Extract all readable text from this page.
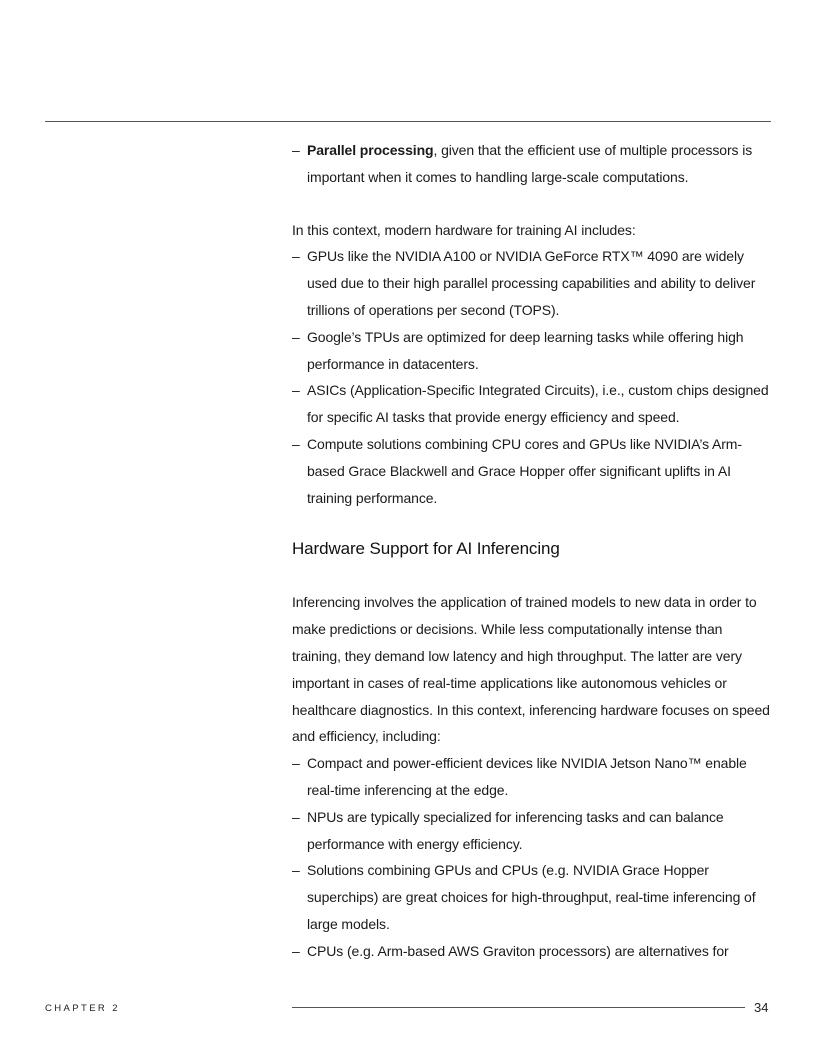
– Parallel processing, given that the efficient use of multiple processors is important when it comes to handling large-scale computations.

In this context, modern hardware for training AI includes:

– GPUs like the NVIDIA A100 or NVIDIA GeForce RTX™ 4090 are widely used due to their high parallel processing capabilities and ability to deliver trillions of operations per second (TOPS).
– Google’s TPUs are optimized for deep learning tasks while offering high performance in datacenters.
– ASICs (Application-Specific Integrated Circuits), i.e., custom chips designed for specific AI tasks that provide energy efficiency and speed.
– Compute solutions combining CPU cores and GPUs like NVIDIA’s Arm-based Grace Blackwell and Grace Hopper offer significant uplifts in AI training performance.
Hardware Support for AI Inferencing

Inferencing involves the application of trained models to new data in order to make predictions or decisions. While less computationally intense than training, they demand low latency and high throughput. The latter are very important in cases of real-time applications like autonomous vehicles or healthcare diagnostics. In this context, inferencing hardware focuses on speed and efficiency, including:

– Compact and power-efficient devices like NVIDIA Jetson Nano™ enable real-time inferencing at the edge.
– NPUs are typically specialized for inferencing tasks and can balance performance with energy efficiency.
– Solutions combining GPUs and CPUs (e.g. NVIDIA Grace Hopper superchips) are great choices for high-throughput, real-time inferencing of large models.
– CPUs (e.g. Arm-based AWS Graviton processors) are alternatives for
CHAPTER 2	34
